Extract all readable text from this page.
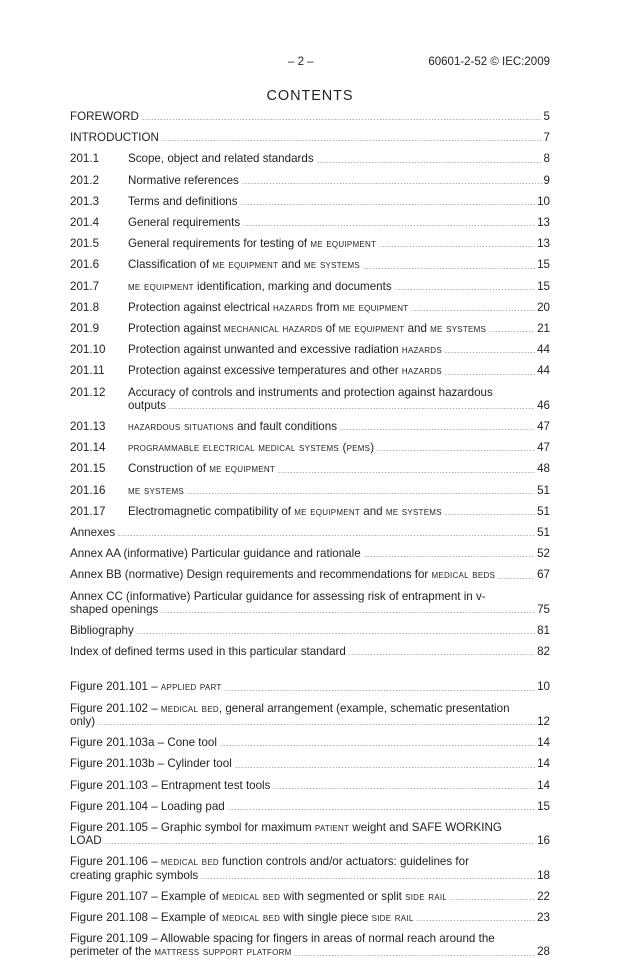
– 2 –	60601-2-52 © IEC:2009
CONTENTS
FOREWORD	5
INTRODUCTION	7
201.1	Scope, object and related standards	8
201.2	Normative references	9
201.3	Terms and definitions	10
201.4	General requirements	13
201.5	General requirements for testing of me equipment	13
201.6	Classification of me equipment and me systems	15
201.7	me equipment identification, marking and documents	15
201.8	Protection against electrical hazards from me equipment	20
201.9	Protection against mechanical hazards of me equipment and me systems	21
201.10	Protection against unwanted and excessive radiation hazards	44
201.11	Protection against excessive temperatures and other hazards	44
201.12	Accuracy of controls and instruments and protection against hazardous
outputs	46
201.13	hazardous situations and fault conditions	47
201.14	programmable electrical medical systems (pems)	47
201.15	Construction of me equipment	48
201.16	me systems	51
201.17	Electromagnetic compatibility of me equipment and me systems	51
Annexes	51
Annex AA (informative) Particular guidance and rationale	52
Annex BB (normative) Design requirements and recommendations for medical beds	67
Annex CC (informative) Particular guidance for assessing risk of entrapment in v-
shaped openings	75
Bibliography	81
Index of defined terms used in this particular standard	82
Figure 201.101 – applied part	10
Figure 201.102 – medical bed, general arrangement (example, schematic presentation
only)	12
Figure 201.103a – Cone tool	14
Figure 201.103b – Cylinder tool	14
Figure 201.103 – Entrapment test tools	14
Figure 201.104 – Loading pad	15
Figure 201.105 – Graphic symbol for maximum patient weight and SAFE WORKING
LOAD	16
Figure 201.106 – medical bed function controls and/or actuators: guidelines for
creating graphic symbols	18
Figure 201.107 – Example of medical bed with segmented or split side rail	22
Figure 201.108 – Example of medical bed with single piece side rail	23
Figure 201.109 – Allowable spacing for fingers in areas of normal reach around the
perimeter of the mattress support platform	28
